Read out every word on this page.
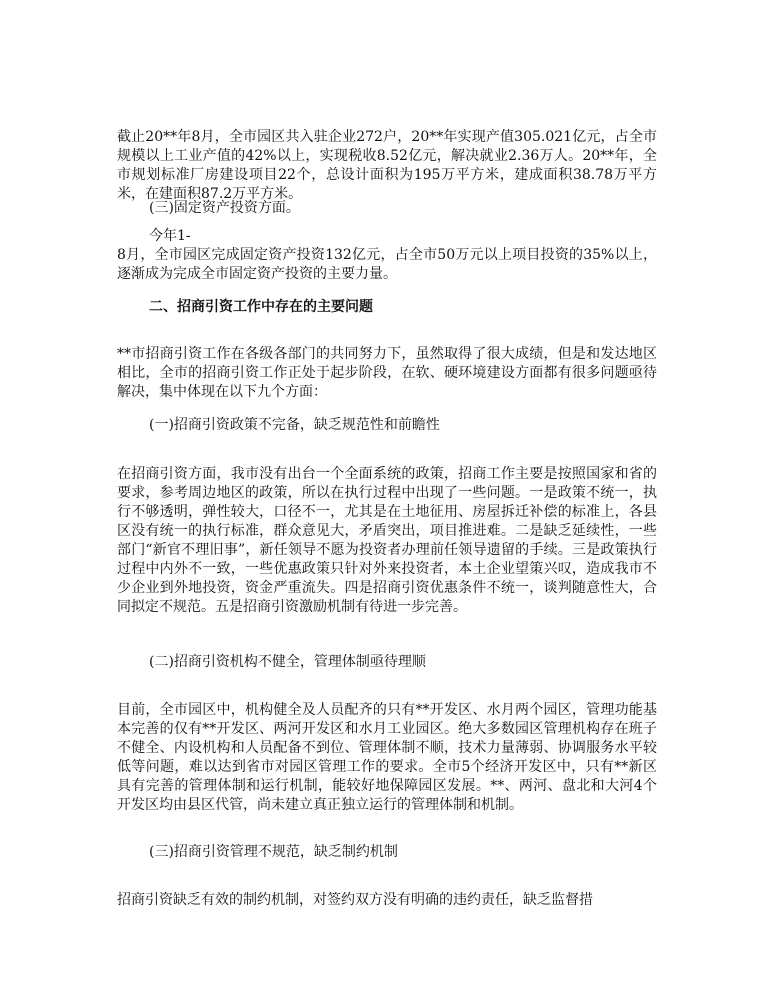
截止20**年8月，全市园区共入驻企业272户，20**年实现产值305.021亿元，占全市规模以上工业产值的42%以上，实现税收8.52亿元，解决就业2.36万人。20**年，全市规划标准厂房建设项目22个，总设计面积为195万平方米，建成面积38.78万平方米，在建面积87.2万平方米。

(三)固定资产投资方面。

今年1-
8月，全市园区完成固定资产投资132亿元，占全市50万元以上项目投资的35%以上，逐渐成为完成全市固定资产投资的主要力量。

二、招商引资工作中存在的主要问题

**市招商引资工作在各级各部门的共同努力下，虽然取得了很大成绩，但是和发达地区相比，全市的招商引资工作正处于起步阶段，在软、硬环境建设方面都有很多问题亟待解决，集中体现在以下九个方面：

(一)招商引资政策不完备，缺乏规范性和前瞻性

在招商引资方面，我市没有出台一个全面系统的政策，招商工作主要是按照国家和省的要求，参考周边地区的政策，所以在执行过程中出现了一些问题。一是政策不统一，执行不够透明，弹性较大，口径不一，尤其是在土地征用、房屋拆迁补偿的标准上，各县区没有统一的执行标准，群众意见大，矛盾突出，项目推进难。二是缺乏延续性，一些部门“新官不理旧事”，新任领导不愿为投资者办理前任领导遗留的手续。三是政策执行过程中内外不一致，一些优惠政策只针对外来投资者，本土企业望策兴叹，造成我市不少企业到外地投资，资金严重流失。四是招商引资优惠条件不统一，谈判随意性大，合同拟定不规范。五是招商引资激励机制有待进一步完善。

(二)招商引资机构不健全，管理体制亟待理顺

目前，全市园区中，机构健全及人员配齐的只有**开发区、水月两个园区，管理功能基本完善的仅有**开发区、两河开发区和水月工业园区。绝大多数园区管理机构存在班子不健全、内设机构和人员配备不到位、管理体制不顺，技术力量薄弱、协调服务水平较低等问题，难以达到省市对园区管理工作的要求。全市5个经济开发区中，只有**新区具有完善的管理体制和运行机制，能较好地保障园区发展。**、两河、盘北和大河4个开发区均由县区代管，尚未建立真正独立运行的管理体制和机制。

(三)招商引资管理不规范，缺乏制约机制

招商引资缺乏有效的制约机制，对签约双方没有明确的违约责任，缺乏监督措
